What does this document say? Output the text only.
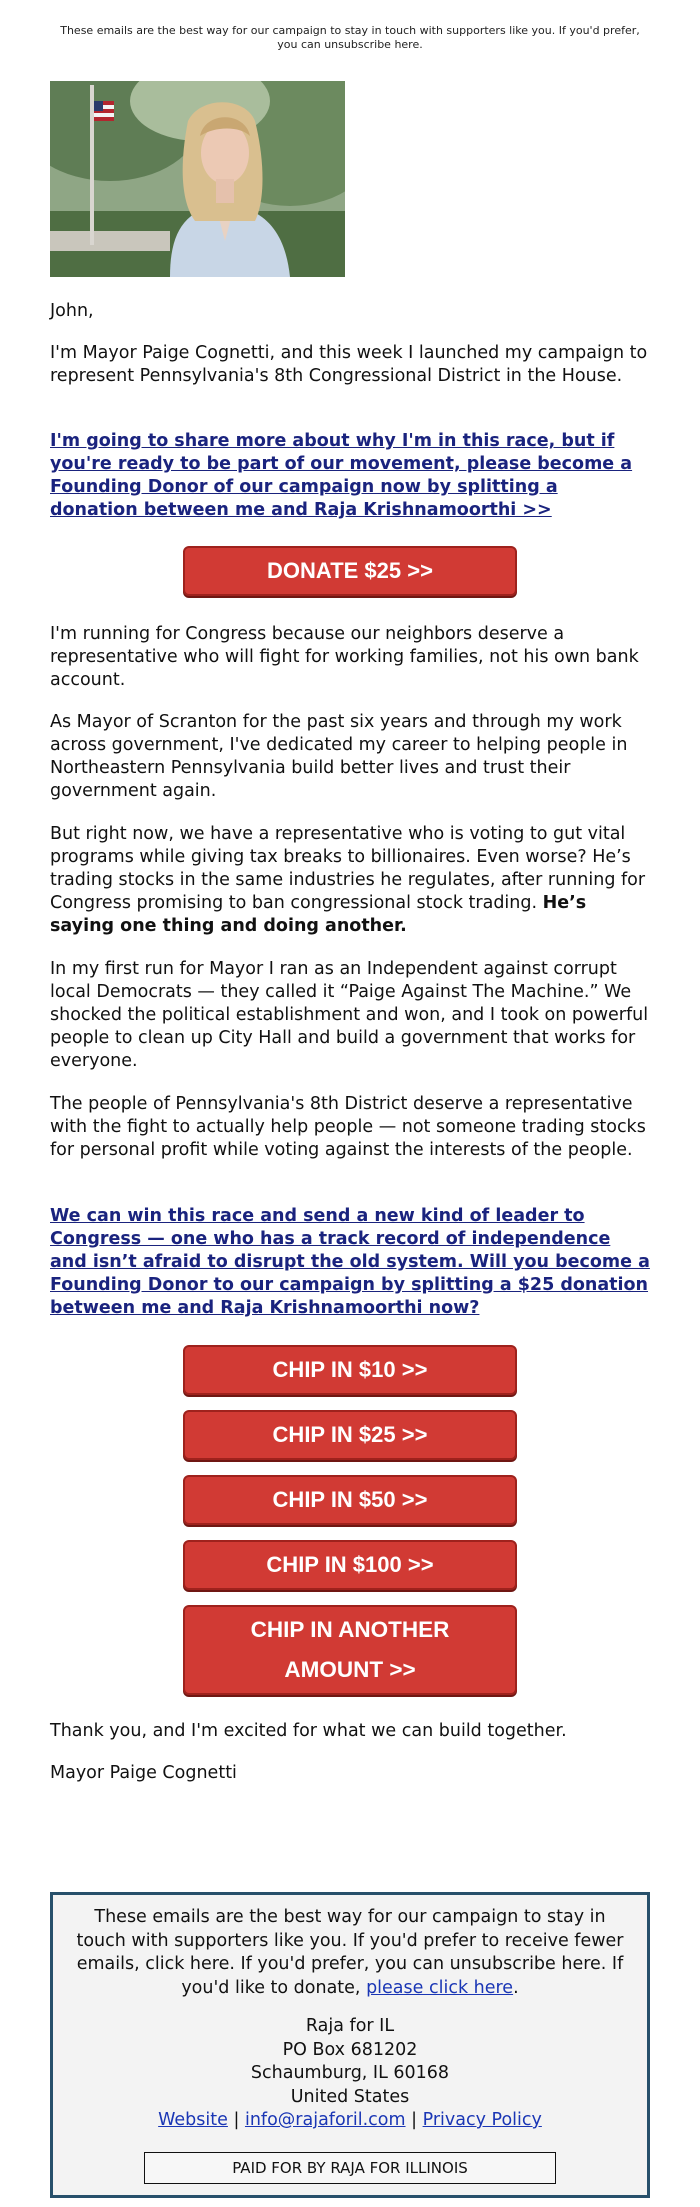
These emails are the best way for our campaign to stay in touch with supporters like you. If you'd prefer, you can unsubscribe here.
John,
I'm Mayor Paige Cognetti, and this week I launched my campaign to represent Pennsylvania's 8th Congressional District in the House.
I'm going to share more about why I'm in this race, but if you're ready to be part of our movement, please become a Founding Donor of our campaign now by splitting a donation between me and Raja Krishnamoorthi >>
DONATE $25 >>
I'm running for Congress because our neighbors deserve a representative who will fight for working families, not his own bank account.
As Mayor of Scranton for the past six years and through my work across government, I've dedicated my career to helping people in Northeastern Pennsylvania build better lives and trust their government again.
But right now, we have a representative who is voting to gut vital programs while giving tax breaks to billionaires. Even worse? He’s trading stocks in the same industries he regulates, after running for Congress promising to ban congressional stock trading. He’s saying one thing and doing another.
In my first run for Mayor I ran as an Independent against corrupt local Democrats — they called it “Paige Against The Machine.” We shocked the political establishment and won, and I took on powerful people to clean up City Hall and build a government that works for everyone.
The people of Pennsylvania's 8th District deserve a representative with the fight to actually help people — not someone trading stocks for personal profit while voting against the interests of the people.
We can win this race and send a new kind of leader to Congress — one who has a track record of independence and isn’t afraid to disrupt the old system. Will you become a Founding Donor to our campaign by splitting a $25 donation between me and Raja Krishnamoorthi now?
CHIP IN $10 >>
CHIP IN $25 >>
CHIP IN $50 >>
CHIP IN $100 >>
CHIP IN ANOTHER
AMOUNT >>
Thank you, and I'm excited for what we can build together.
Mayor Paige Cognetti
These emails are the best way for our campaign to stay in touch with supporters like you. If you'd prefer to receive fewer emails, click here. If you'd prefer, you can unsubscribe here. If you'd like to donate, please click here.
Raja for IL
PO Box 681202
Schaumburg, IL 60168
United States
Website | info@rajaforil.com | Privacy Policy
PAID FOR BY RAJA FOR ILLINOIS
